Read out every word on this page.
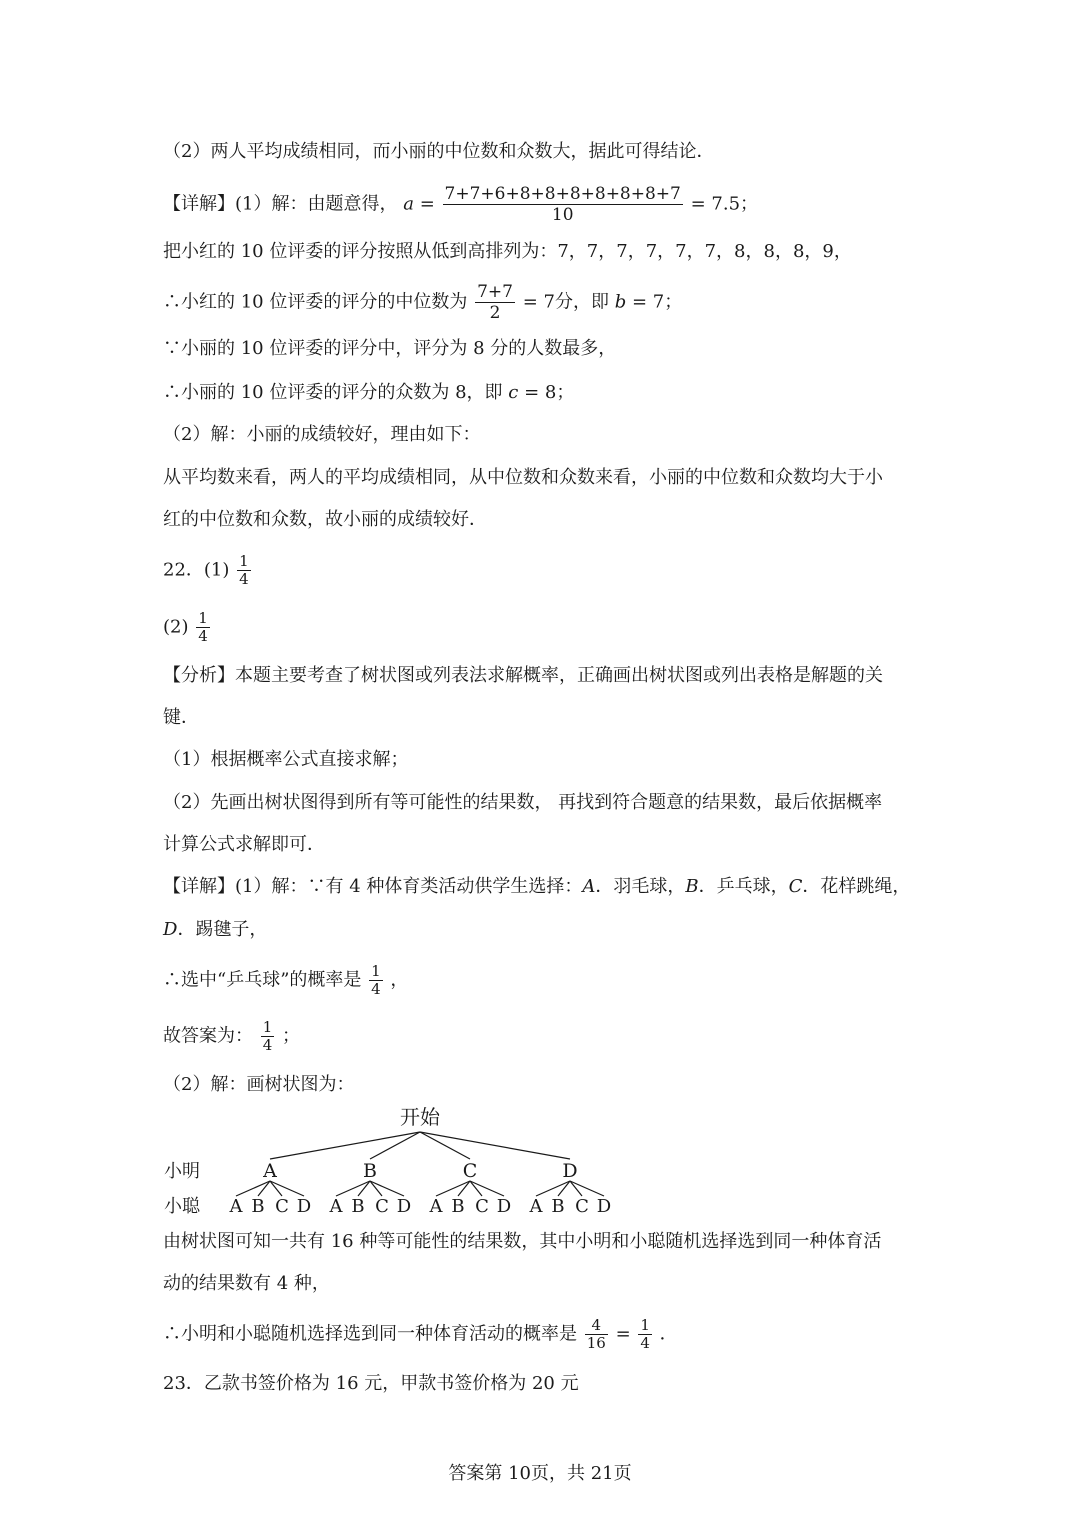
（2）两人平均成绩相同，而小丽的中位数和众数大，据此可得结论．
【详解】(1）解：由题意得， $a = \frac{7+7+6+8+8+8+8+8+8+7}{10} = 7.5$；
把小红的 10 位评委的评分按照从低到高排列为：7，7，7，7，7，7，8，8，8，9，
∴小红的 10 位评委的评分的中位数为 $\frac{7+7}{2} = 7$分，即 b = 7；
∵小丽的 10 位评委的评分中，评分为 8 分的人数最多，
∴小丽的 10 位评委的评分的众数为 8，即 c = 8；
（2）解：小丽的成绩较好，理由如下：
从平均数来看，两人的平均成绩相同，从中位数和众数来看，小丽的中位数和众数均大于小
红的中位数和众数，故小丽的成绩较好．
22．$(1) \frac{1}{4}$
$(2) \frac{1}{4}$
【分析】本题主要考查了树状图或列表法求解概率，正确画出树状图或列出表格是解题的关
键．
（1）根据概率公式直接求解；
（2）先画出树状图得到所有等可能性的结果数， 再找到符合题意的结果数，最后依据概率
计算公式求解即可．
【详解】(1）解：∵有 4 种体育类活动供学生选择：A．羽毛球，B．乒乓球，C．花样跳绳，
D．踢毽子，
∴选中“乒乓球”的概率是 $\frac{1}{4}$ ，
故答案为： $\frac{1}{4}$ ；
（2）解：画树状图为：
开始
小明
小聪
A
A B C D
B
A B C D
C
A B C D
D
A B C D
由树状图可知一共有 16 种等可能性的结果数，其中小明和小聪随机选择选到同一种体育活
动的结果数有 4 种，
∴小明和小聪随机选择选到同一种体育活动的概率是 $\frac{4}{16} = \frac{1}{4}$ ．
23．乙款书签价格为 16 元，甲款书签价格为 20 元
答案第 10页，共 21页
